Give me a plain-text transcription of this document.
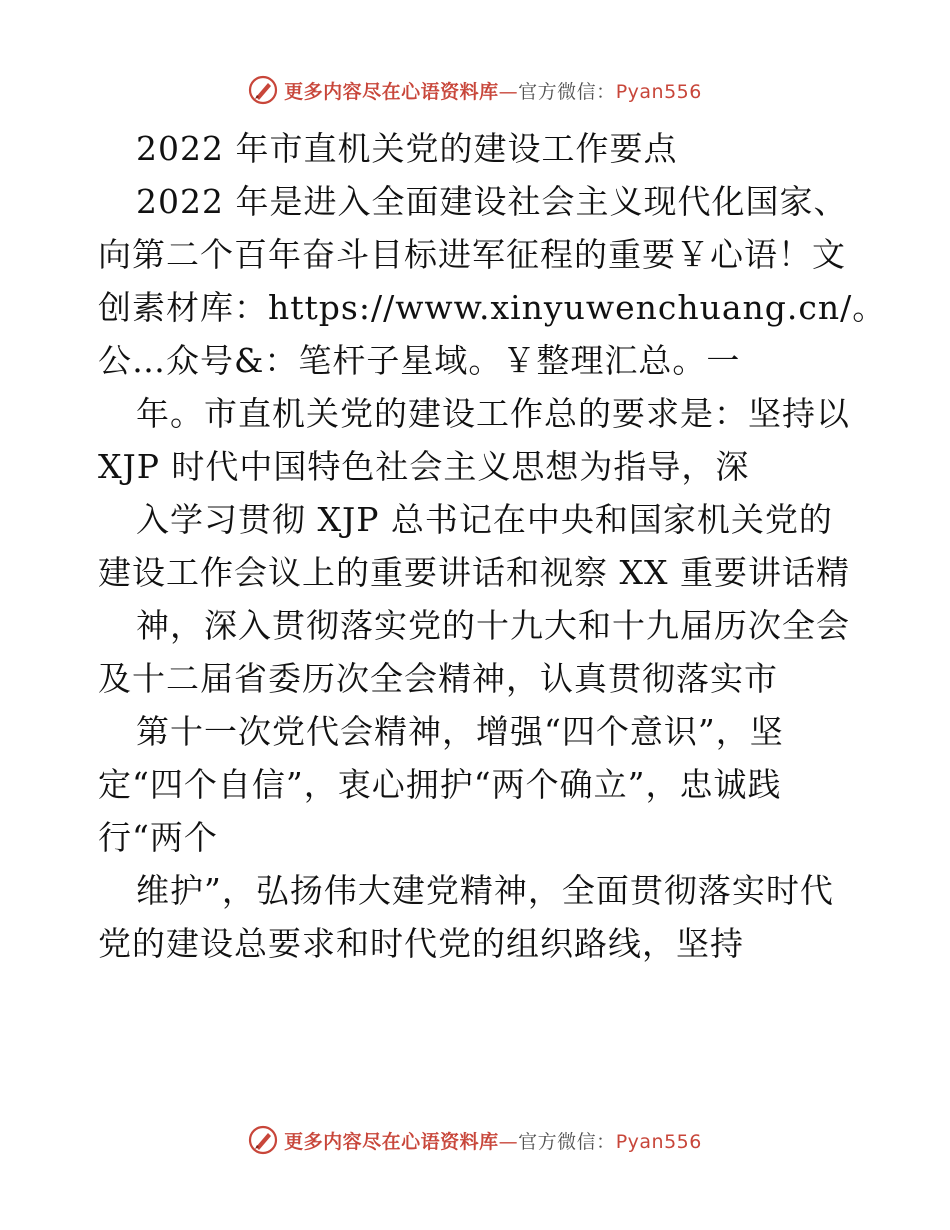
更多内容尽在心语资料库—官方微信：Pyan556
2022 年市直机关党的建设工作要点
2022 年是进入全面建设社会主义现代化国家、
向第二个百年奋斗目标进军征程的重要￥心语！文
创素材库：https://www.xinyuwenchuang.cn/。
公…众号&：笔杆子星域。￥整理汇总。一
年。市直机关党的建设工作总的要求是：坚持以
XJP 时代中国特色社会主义思想为指导，深
入学习贯彻 XJP 总书记在中央和国家机关党的
建设工作会议上的重要讲话和视察 XX 重要讲话精
神，深入贯彻落实党的十九大和十九届历次全会
及十二届省委历次全会精神，认真贯彻落实市
第十一次党代会精神，增强“四个意识”，坚
定“四个自信”，衷心拥护“两个确立”，忠诚践
行“两个
维护”，弘扬伟大建党精神，全面贯彻落实时代
党的建设总要求和时代党的组织路线，坚持
更多内容尽在心语资料库—官方微信：Pyan556
